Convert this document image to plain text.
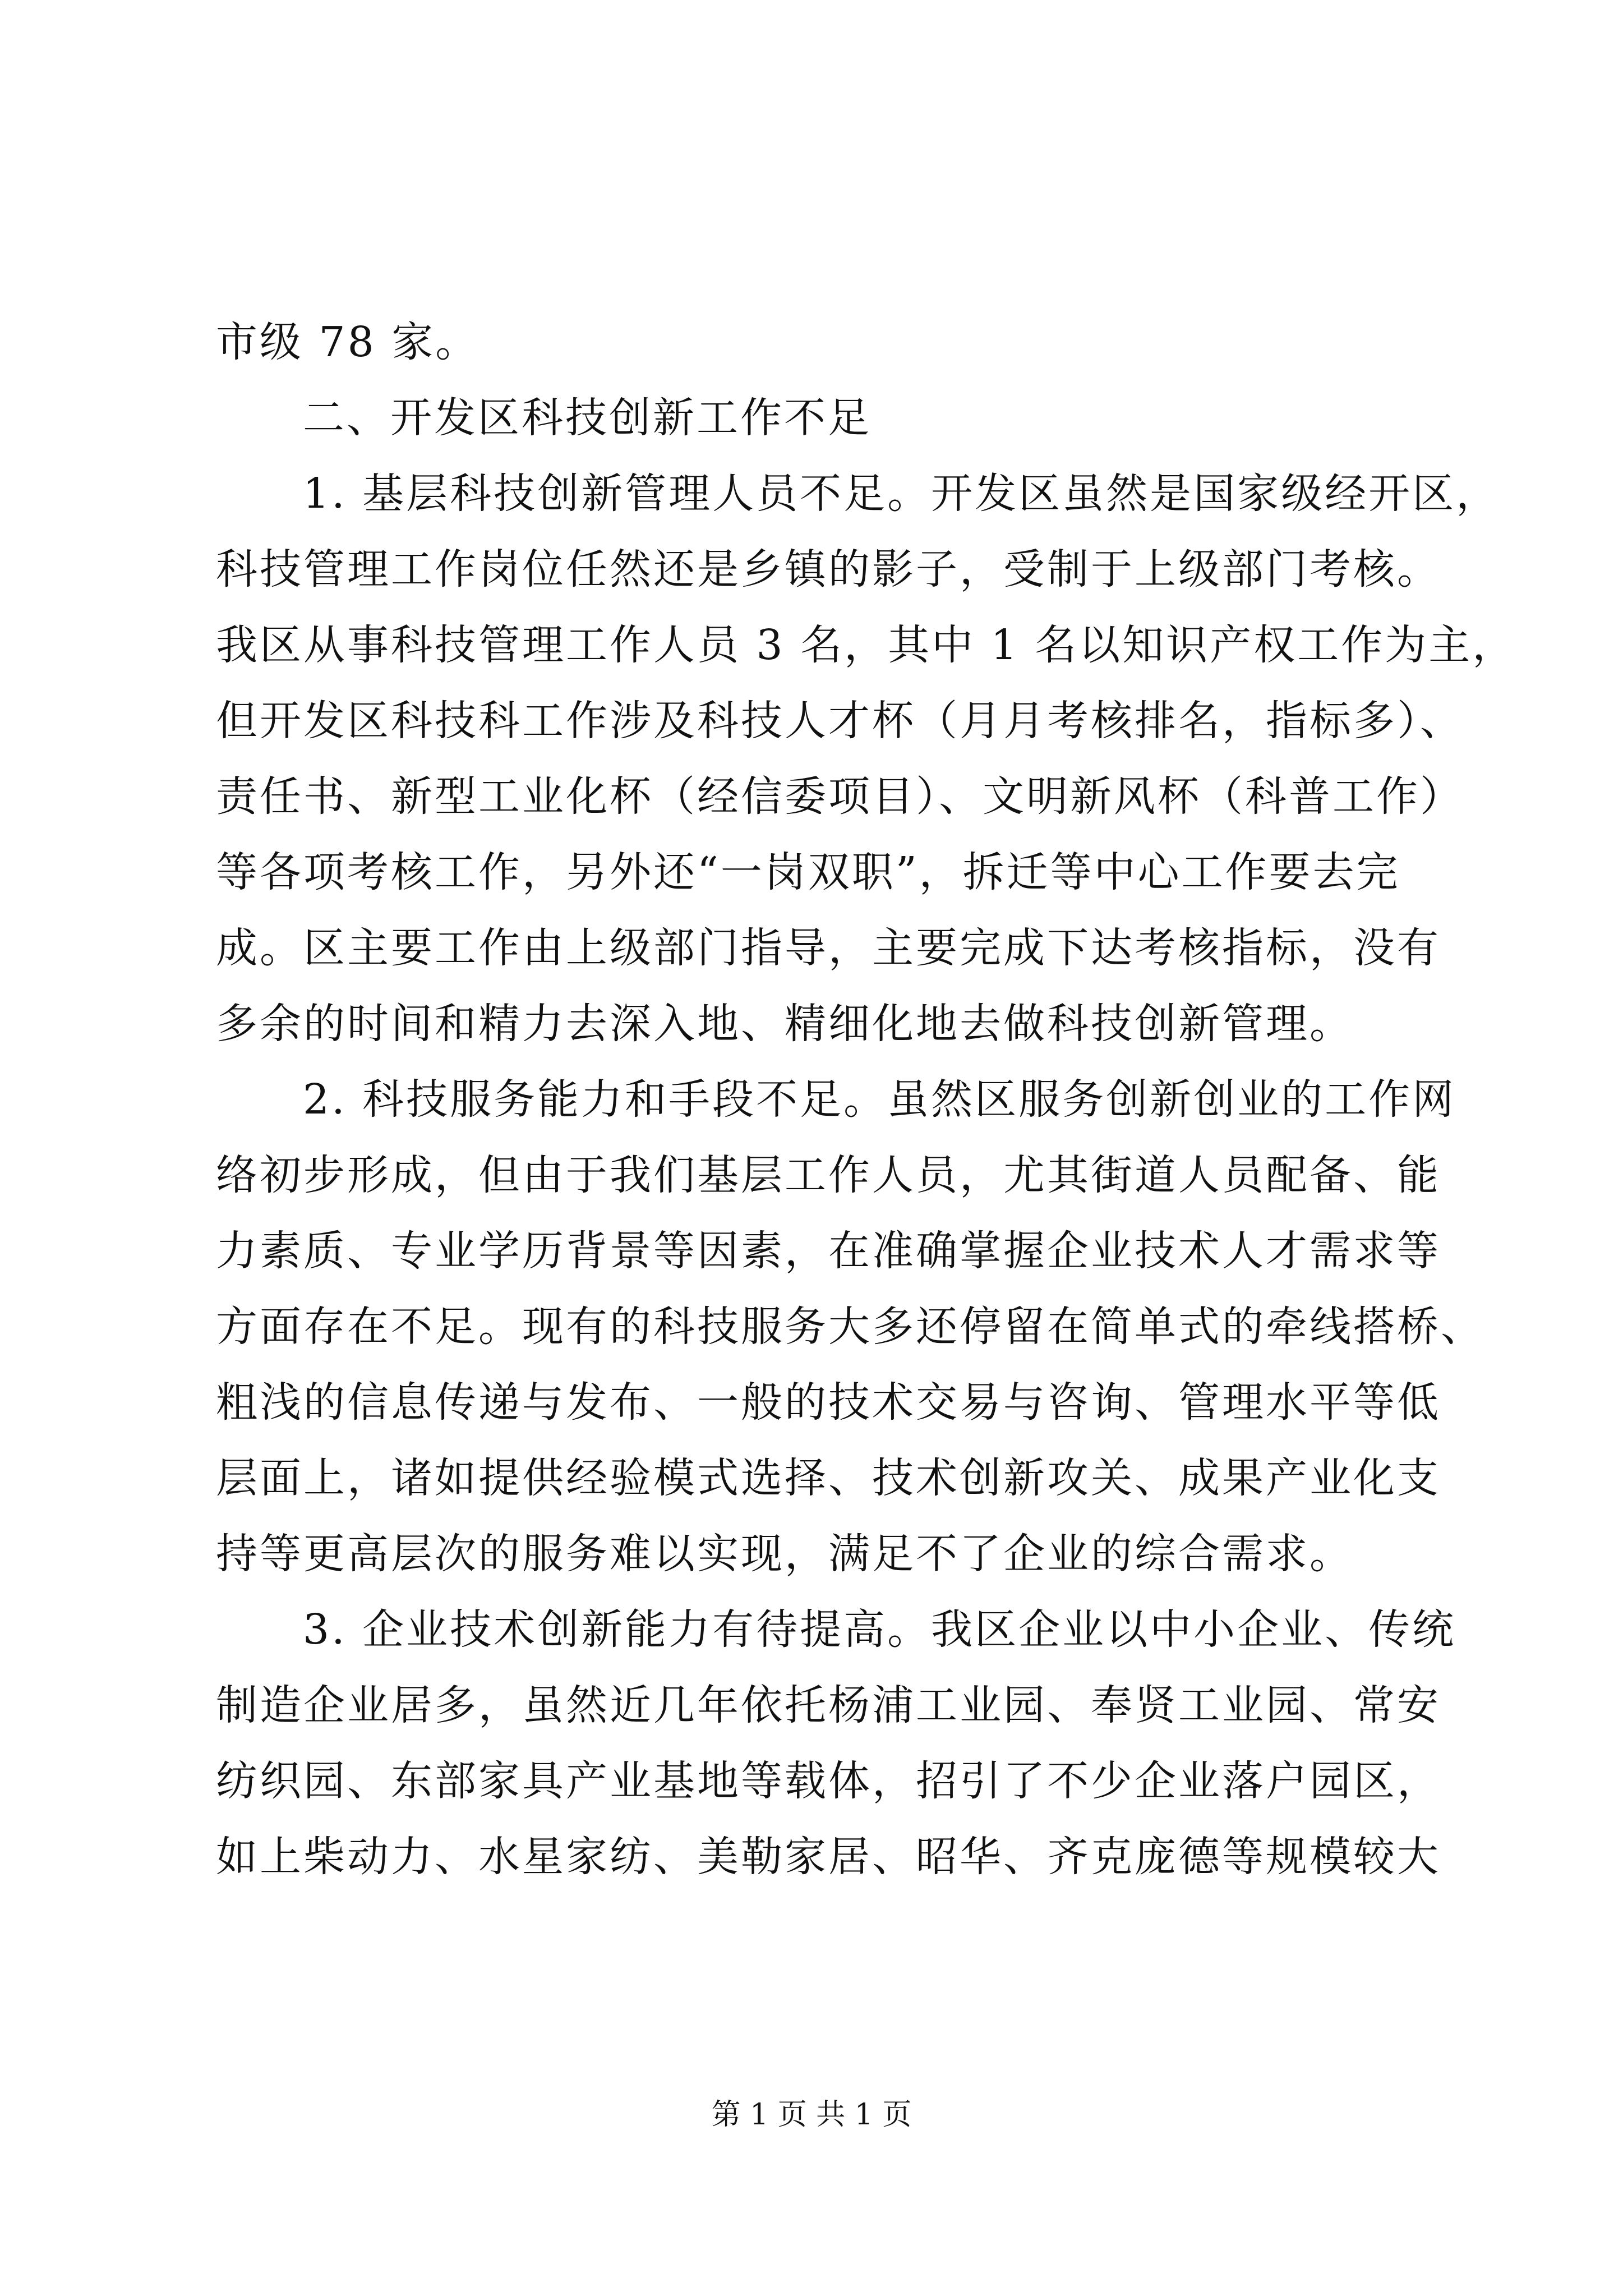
市级 78 家。
二、开发区科技创新工作不足
1. 基层科技创新管理人员不足。开发区虽然是国家级经开区，
科技管理工作岗位任然还是乡镇的影子，受制于上级部门考核。
我区从事科技管理工作人员 3 名，其中 1 名以知识产权工作为主，
但开发区科技科工作涉及科技人才杯（月月考核排名，指标多）、
责任书、新型工业化杯（经信委项目）、文明新风杯（科普工作）
等各项考核工作，另外还“一岗双职”，拆迁等中心工作要去完
成。区主要工作由上级部门指导，主要完成下达考核指标，没有
多余的时间和精力去深入地、精细化地去做科技创新管理。
2. 科技服务能力和手段不足。虽然区服务创新创业的工作网
络初步形成，但由于我们基层工作人员，尤其街道人员配备、能
力素质、专业学历背景等因素，在准确掌握企业技术人才需求等
方面存在不足。现有的科技服务大多还停留在简单式的牵线搭桥、
粗浅的信息传递与发布、一般的技术交易与咨询、管理水平等低
层面上，诸如提供经验模式选择、技术创新攻关、成果产业化支
持等更高层次的服务难以实现，满足不了企业的综合需求。
3. 企业技术创新能力有待提高。我区企业以中小企业、传统
制造企业居多，虽然近几年依托杨浦工业园、奉贤工业园、常安
纺织园、东部家具产业基地等载体，招引了不少企业落户园区，
如上柴动力、水星家纺、美勒家居、昭华、齐克庞德等规模较大
第 1 页 共 1 页
